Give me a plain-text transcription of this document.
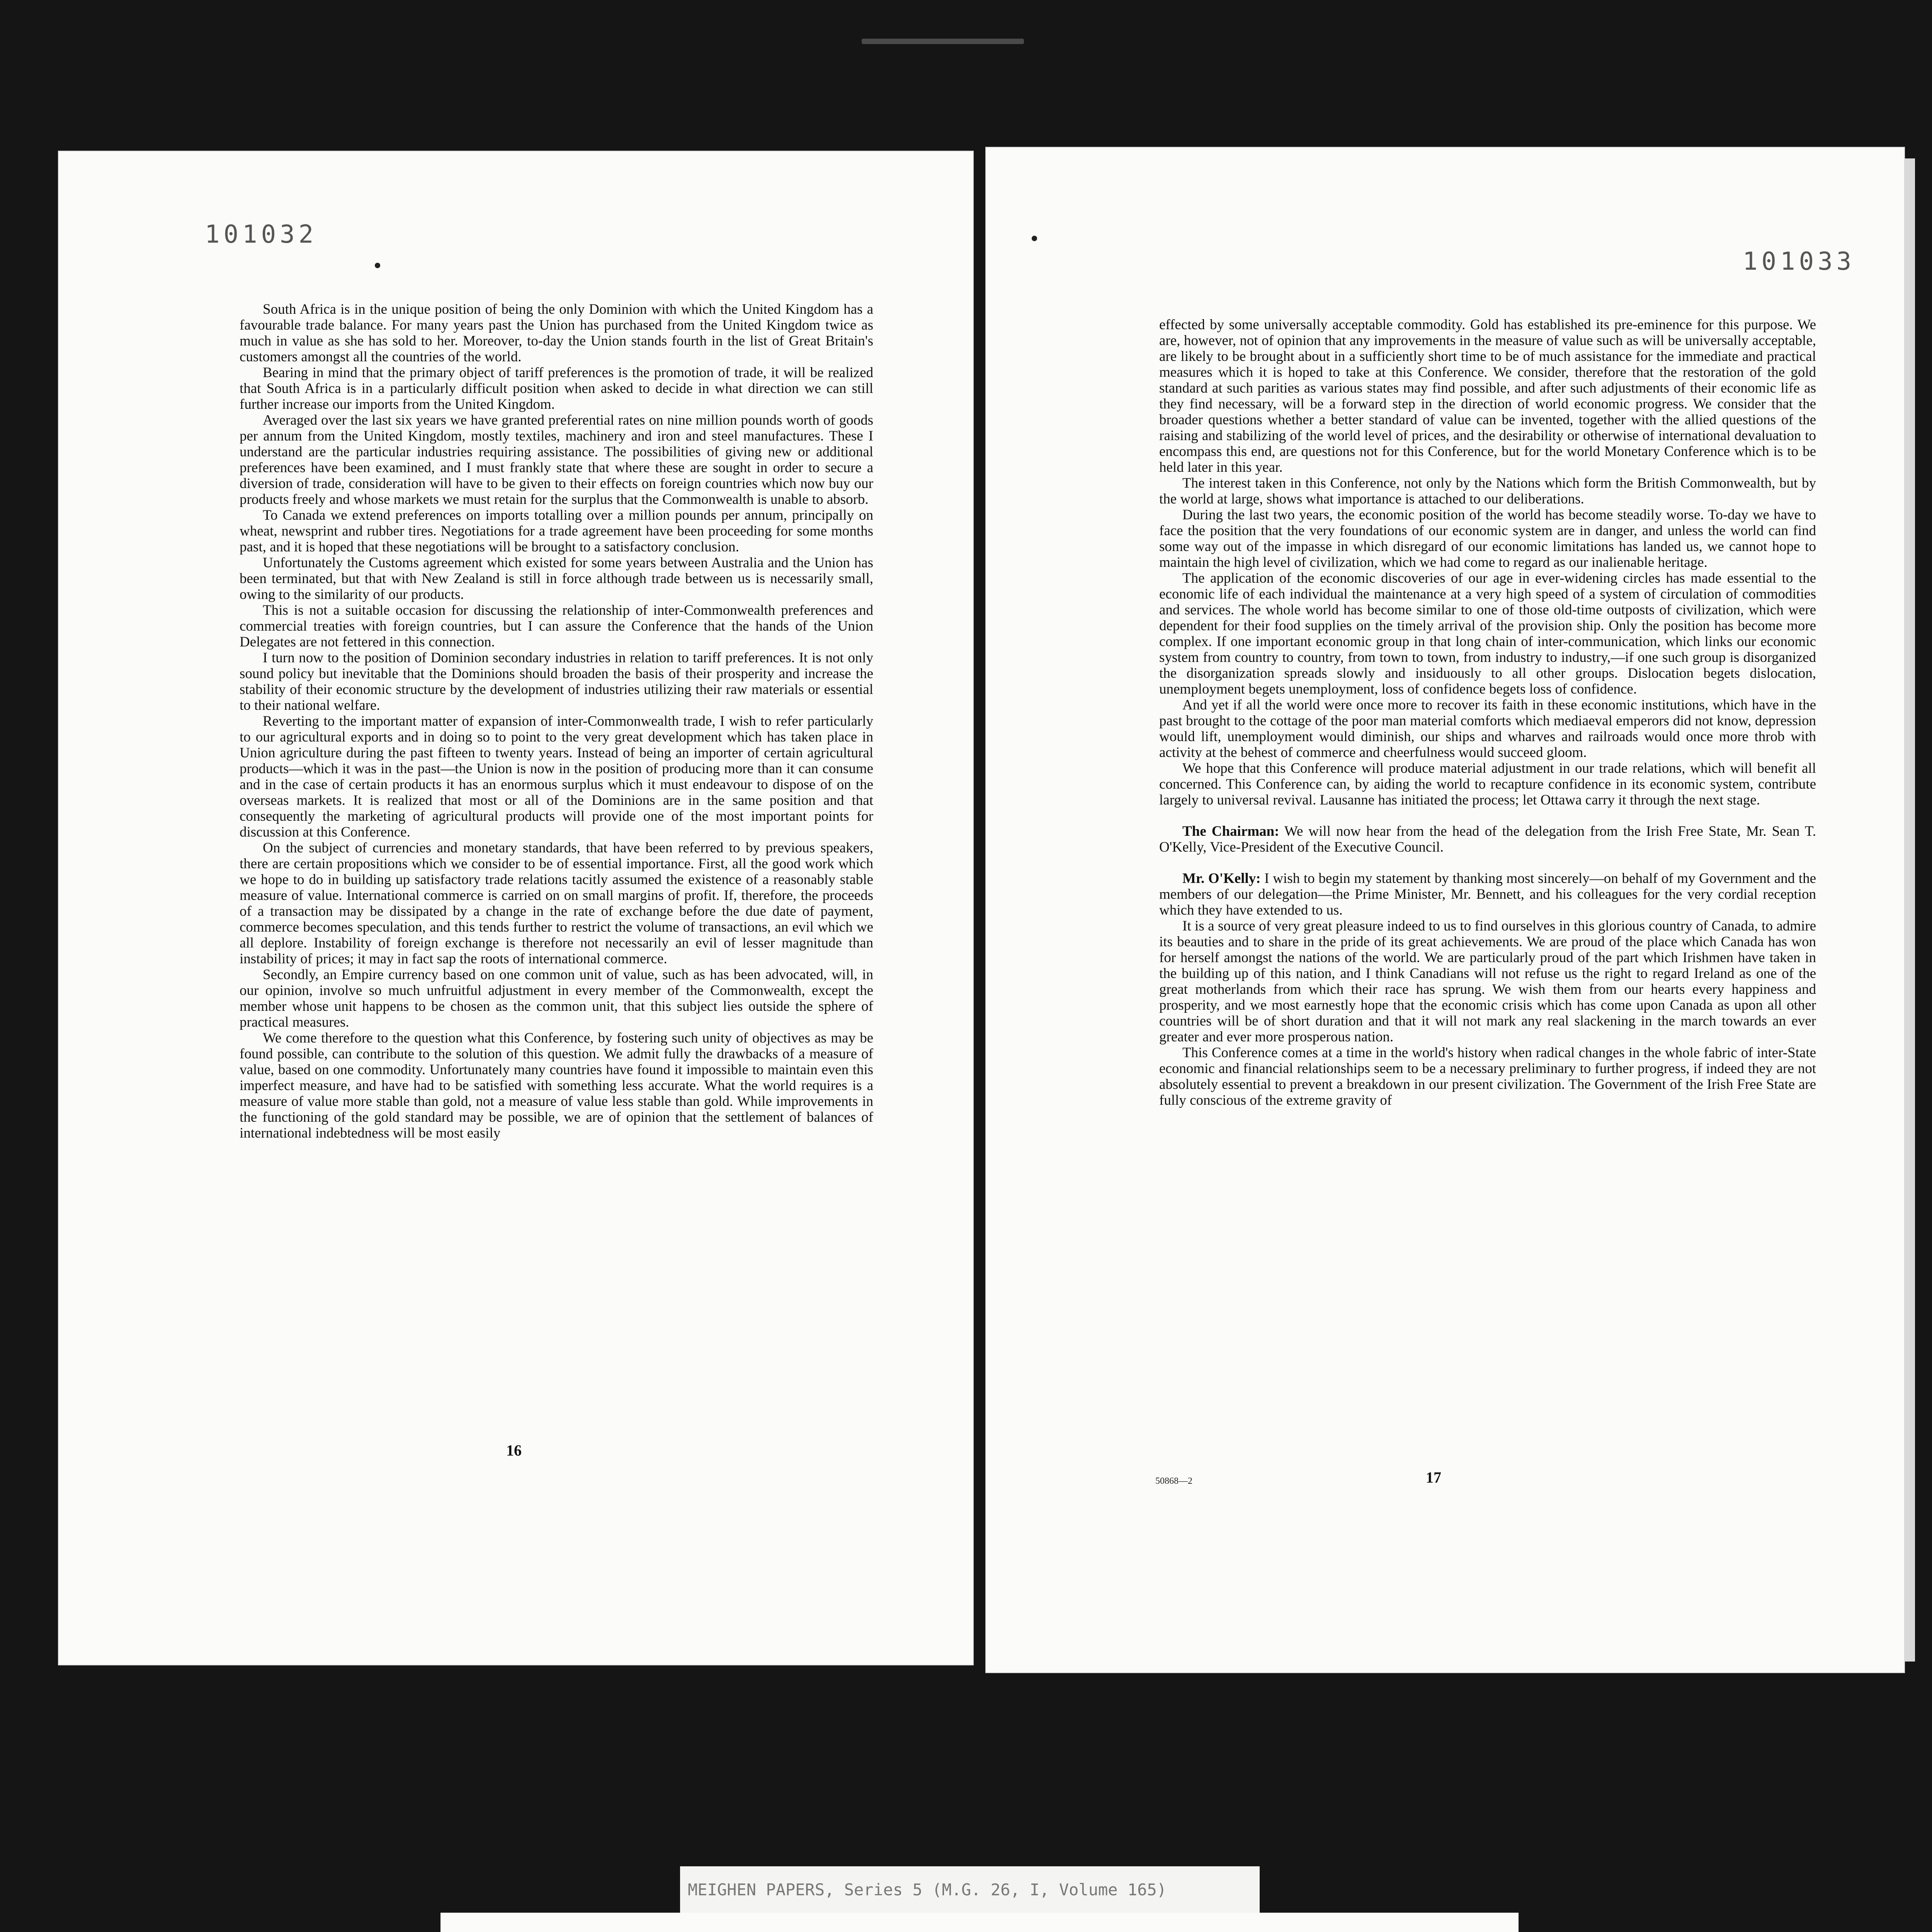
101032

South Africa is in the unique position of being the only Dominion with which the United Kingdom has a favourable trade balance. For many years past the Union has purchased from the United Kingdom twice as much in value as she has sold to her. Moreover, to-day the Union stands fourth in the list of Great Britain's customers amongst all the countries of the world.

Bearing in mind that the primary object of tariff preferences is the promotion of trade, it will be realized that South Africa is in a particularly difficult position when asked to decide in what direction we can still further increase our imports from the United Kingdom.

Averaged over the last six years we have granted preferential rates on nine million pounds worth of goods per annum from the United Kingdom, mostly textiles, machinery and iron and steel manufactures. These I understand are the particular industries requiring assistance. The possibilities of giving new or additional preferences have been examined, and I must frankly state that where these are sought in order to secure a diversion of trade, consideration will have to be given to their effects on foreign countries which now buy our products freely and whose markets we must retain for the surplus that the Commonwealth is unable to absorb.

To Canada we extend preferences on imports totalling over a million pounds per annum, principally on wheat, newsprint and rubber tires. Negotiations for a trade agreement have been proceeding for some months past, and it is hoped that these negotiations will be brought to a satisfactory conclusion.

Unfortunately the Customs agreement which existed for some years between Australia and the Union has been terminated, but that with New Zealand is still in force although trade between us is necessarily small, owing to the similarity of our products.

This is not a suitable occasion for discussing the relationship of inter-Commonwealth preferences and commercial treaties with foreign countries, but I can assure the Conference that the hands of the Union Delegates are not fettered in this connection.

I turn now to the position of Dominion secondary industries in relation to tariff preferences. It is not only sound policy but inevitable that the Dominions should broaden the basis of their prosperity and increase the stability of their economic structure by the development of industries utilizing their raw materials or essential to their national welfare.

Reverting to the important matter of expansion of inter-Commonwealth trade, I wish to refer particularly to our agricultural exports and in doing so to point to the very great development which has taken place in Union agriculture during the past fifteen to twenty years. Instead of being an importer of certain agricultural products—which it was in the past—the Union is now in the position of producing more than it can consume and in the case of certain products it has an enormous surplus which it must endeavour to dispose of on the overseas markets. It is realized that most or all of the Dominions are in the same position and that consequently the marketing of agricultural products will provide one of the most important points for discussion at this Conference.

On the subject of currencies and monetary standards, that have been referred to by previous speakers, there are certain propositions which we consider to be of essential importance. First, all the good work which we hope to do in building up satisfactory trade relations tacitly assumed the existence of a reasonably stable measure of value. International commerce is carried on on small margins of profit. If, therefore, the proceeds of a transaction may be dissipated by a change in the rate of exchange before the due date of payment, commerce becomes speculation, and this tends further to restrict the volume of transactions, an evil which we all deplore. Instability of foreign exchange is therefore not necessarily an evil of lesser magnitude than instability of prices; it may in fact sap the roots of international commerce.

Secondly, an Empire currency based on one common unit of value, such as has been advocated, will, in our opinion, involve so much unfruitful adjustment in every member of the Commonwealth, except the member whose unit happens to be chosen as the common unit, that this subject lies outside the sphere of practical measures.

We come therefore to the question what this Conference, by fostering such unity of objectives as may be found possible, can contribute to the solution of this question. We admit fully the drawbacks of a measure of value, based on one commodity. Unfortunately many countries have found it impossible to maintain even this imperfect measure, and have had to be satisfied with something less accurate. What the world requires is a measure of value more stable than gold, not a measure of value less stable than gold. While improvements in the functioning of the gold standard may be possible, we are of opinion that the settlement of balances of international indebtedness will be most easily

16
101033

effected by some universally acceptable commodity. Gold has established its pre-eminence for this purpose. We are, however, not of opinion that any improvements in the measure of value such as will be universally acceptable, are likely to be brought about in a sufficiently short time to be of much assistance for the immediate and practical measures which it is hoped to take at this Conference. We consider, therefore that the restoration of the gold standard at such parities as various states may find possible, and after such adjustments of their economic life as they find necessary, will be a forward step in the direction of world economic progress. We consider that the broader questions whether a better standard of value can be invented, together with the allied questions of the raising and stabilizing of the world level of prices, and the desirability or otherwise of international devaluation to encompass this end, are questions not for this Conference, but for the world Monetary Conference which is to be held later in this year.

The interest taken in this Conference, not only by the Nations which form the British Commonwealth, but by the world at large, shows what importance is attached to our deliberations.

During the last two years, the economic position of the world has become steadily worse. To-day we have to face the position that the very foundations of our economic system are in danger, and unless the world can find some way out of the impasse in which disregard of our economic limitations has landed us, we cannot hope to maintain the high level of civilization, which we had come to regard as our inalienable heritage.

The application of the economic discoveries of our age in ever-widening circles has made essential to the economic life of each individual the maintenance at a very high speed of a system of circulation of commodities and services. The whole world has become similar to one of those old-time outposts of civilization, which were dependent for their food supplies on the timely arrival of the provision ship. Only the position has become more complex. If one important economic group in that long chain of inter-communication, which links our economic system from country to country, from town to town, from industry to industry,—if one such group is disorganized the disorganization spreads slowly and insiduously to all other groups. Dislocation begets dislocation, unemployment begets unemployment, loss of confidence begets loss of confidence.

And yet if all the world were once more to recover its faith in these economic institutions, which have in the past brought to the cottage of the poor man material comforts which mediaeval emperors did not know, depression would lift, unemployment would diminish, our ships and wharves and railroads would once more throb with activity at the behest of commerce and cheerfulness would succeed gloom.

We hope that this Conference will produce material adjustment in our trade relations, which will benefit all concerned. This Conference can, by aiding the world to recapture confidence in its economic system, contribute largely to universal revival. Lausanne has initiated the process; let Ottawa carry it through the next stage.

The Chairman: We will now hear from the head of the delegation from the Irish Free State, Mr. Sean T. O'Kelly, Vice-President of the Executive Council.

Mr. O'Kelly: I wish to begin my statement by thanking most sincerely—on behalf of my Government and the members of our delegation—the Prime Minister, Mr. Bennett, and his colleagues for the very cordial reception which they have extended to us.

It is a source of very great pleasure indeed to us to find ourselves in this glorious country of Canada, to admire its beauties and to share in the pride of its great achievements. We are proud of the place which Canada has won for herself amongst the nations of the world. We are particularly proud of the part which Irishmen have taken in the building up of this nation, and I think Canadians will not refuse us the right to regard Ireland as one of the great motherlands from which their race has sprung. We wish them from our hearts every happiness and prosperity, and we most earnestly hope that the economic crisis which has come upon Canada as upon all other countries will be of short duration and that it will not mark any real slackening in the march towards an ever greater and ever more prosperous nation.

This Conference comes at a time in the world's history when radical changes in the whole fabric of inter-State economic and financial relationships seem to be a necessary preliminary to further progress, if indeed they are not absolutely essential to prevent a breakdown in our present civilization. The Government of the Irish Free State are fully conscious of the extreme gravity of

50868—2	17
MEIGHEN PAPERS, Series 5 (M.G. 26, I, Volume 165)
